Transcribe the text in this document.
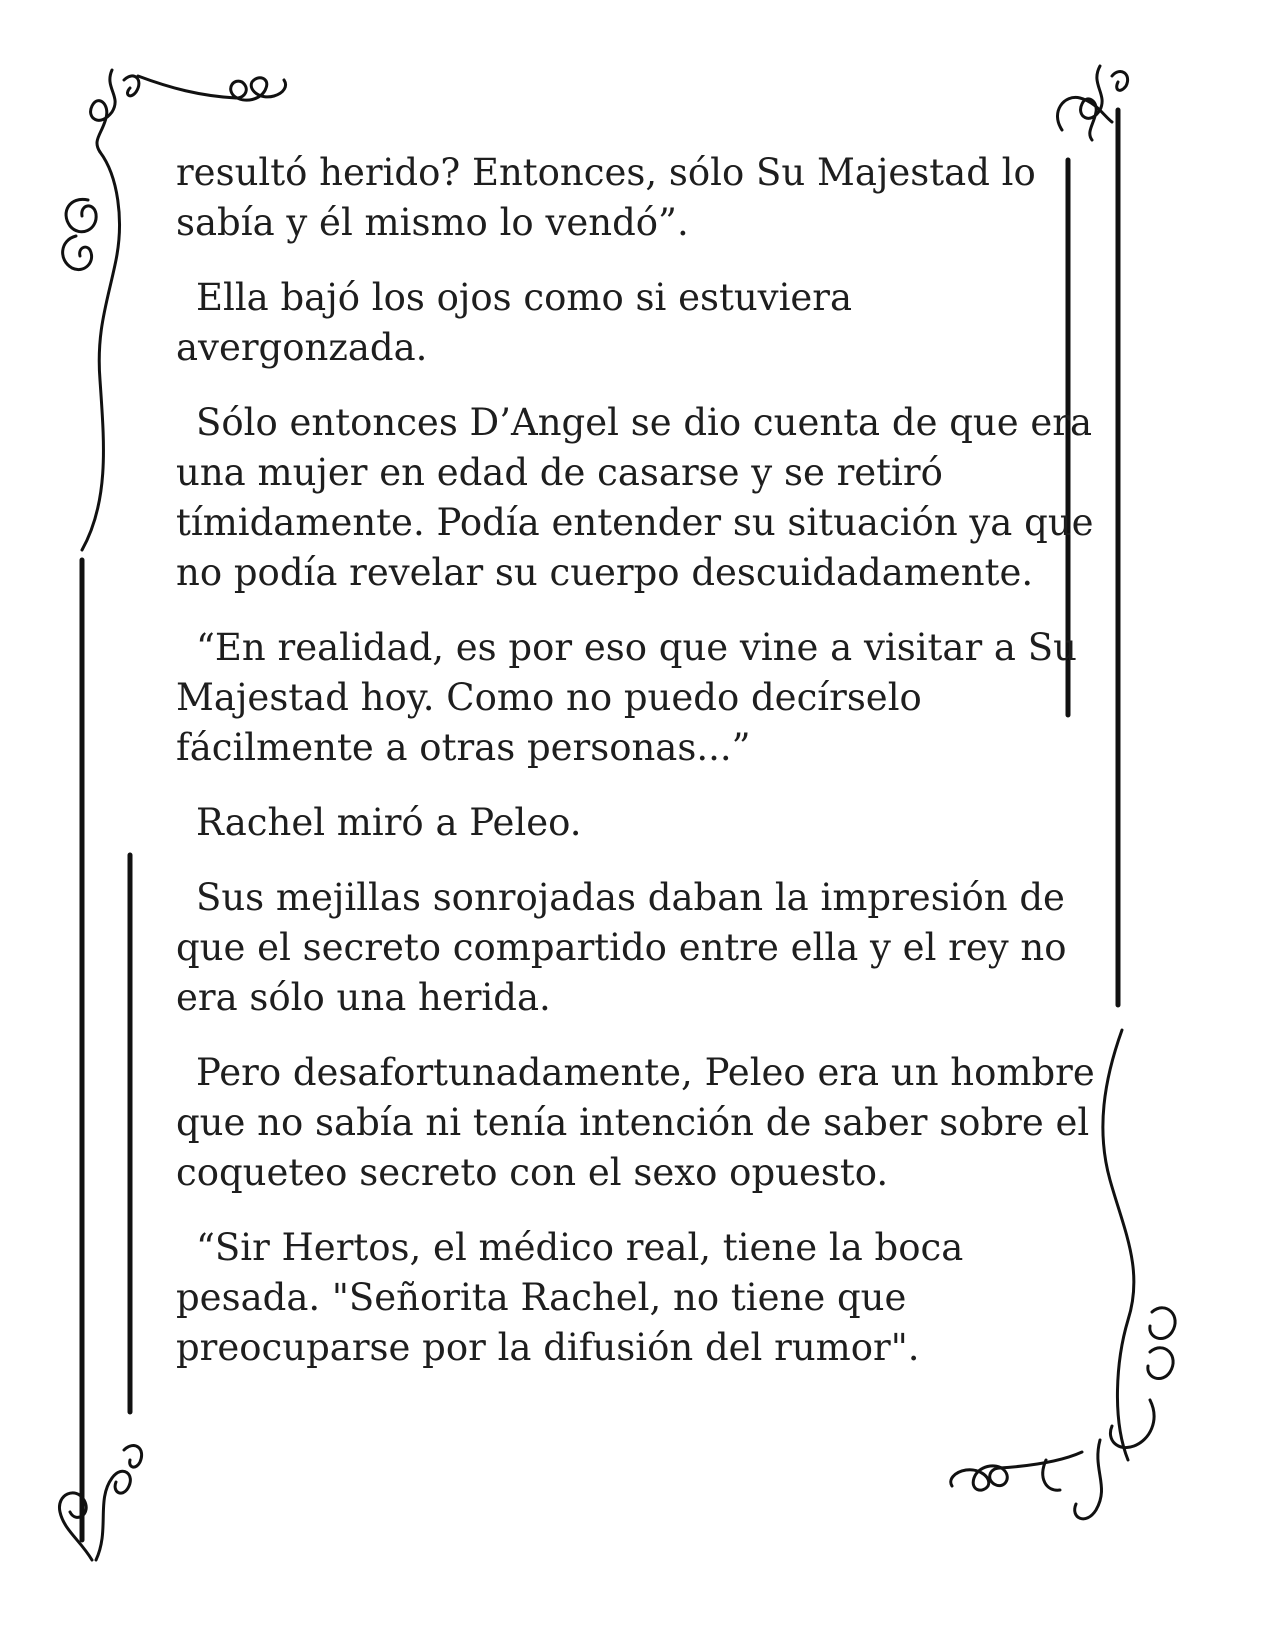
resultó herido? Entonces, sólo Su Majestad lo sabía y él mismo lo vendó”.

Ella bajó los ojos como si estuviera avergonzada.

Sólo entonces D’Angel se dio cuenta de que era una mujer en edad de casarse y se retiró tímidamente. Podía entender su situación ya que no podía revelar su cuerpo descuidadamente.

“En realidad, es por eso que vine a visitar a Su Majestad hoy. Como no puedo decírselo fácilmente a otras personas...”

Rachel miró a Peleo.

Sus mejillas sonrojadas daban la impresión de que el secreto compartido entre ella y el rey no era sólo una herida.

Pero desafortunadamente, Peleo era un hombre que no sabía ni tenía intención de saber sobre el coqueteo secreto con el sexo opuesto.

“Sir Hertos, el médico real, tiene la boca pesada. "Señorita Rachel, no tiene que preocuparse por la difusión del rumor".
